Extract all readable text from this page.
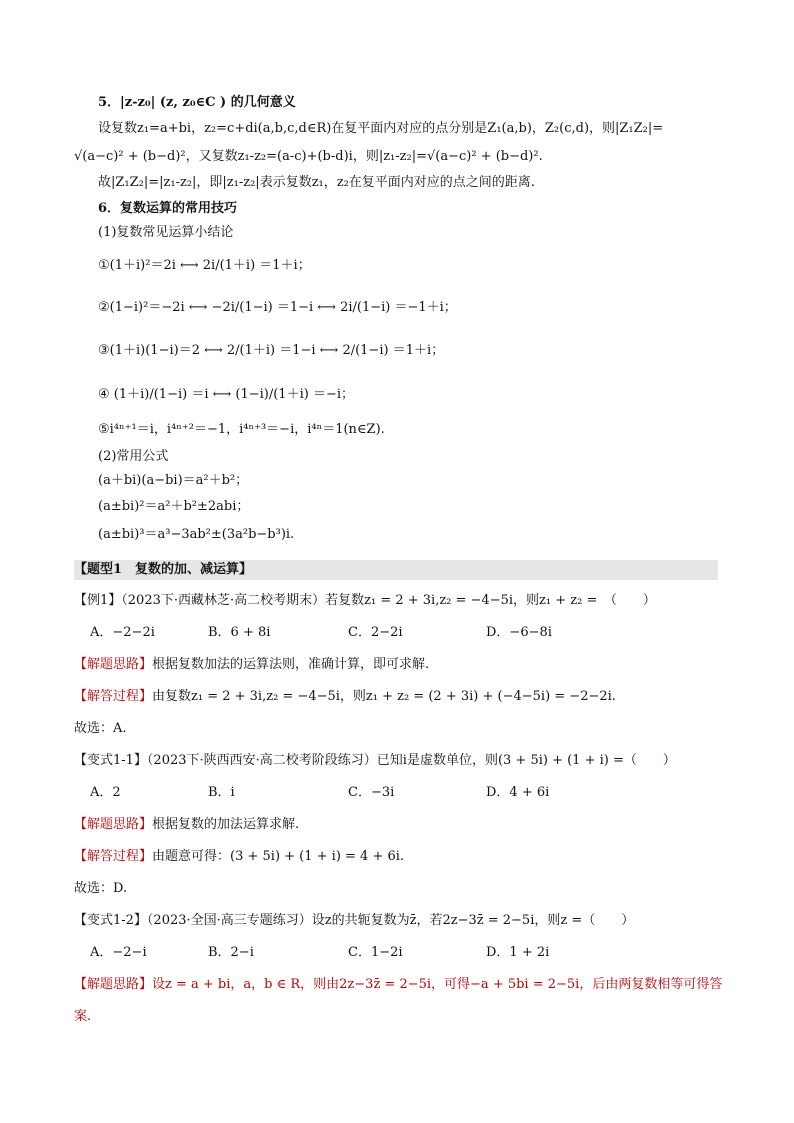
5．|z-z₀| (z, z₀∈C ) 的几何意义
设复数z₁=a+bi，z₂=c+di(a,b,c,d∈R)在复平面内对应的点分别是Z₁(a,b)，Z₂(c,d)，则|Z₁Z₂|=
√(a−c)² + (b−d)²，又复数z₁-z₂=(a-c)+(b-d)i，则|z₁-z₂|=√(a−c)² + (b−d)².
故|Z₁Z₂|=|z₁-z₂|，即|z₁-z₂|表示复数z₁，z₂在复平面内对应的点之间的距离.
6．复数运算的常用技巧
(1)复数常见运算小结论
①(1＋i)²＝2i ⟷ 2i/(1＋i) ＝1＋i；
②(1−i)²＝−2i ⟷ −2i/(1−i) ＝1−i ⟷ 2i/(1−i) ＝−1＋i；
③(1＋i)(1−i)＝2 ⟷ 2/(1＋i) ＝1−i ⟷ 2/(1−i) ＝1＋i；
④ (1＋i)/(1−i) ＝i ⟷ (1−i)/(1＋i) ＝−i；
⑤i⁴ⁿ⁺¹＝i，i⁴ⁿ⁺²＝−1，i⁴ⁿ⁺³＝−i，i⁴ⁿ＝1(n∈Z).
(2)常用公式
(a＋bi)(a−bi)＝a²＋b²；
(a±bi)²＝a²＋b²±2abi；
(a±bi)³＝a³−3ab²±(3a²b−b³)i.
【题型1　复数的加、减运算】
【例1】（2023下·西藏林芝·高二校考期末）若复数z₁ = 2 + 3i,z₂ = −4−5i，则z₁ + z₂ =　（　　）
A．−2−2i	B．6 + 8i	C．2−2i	D．−6−8i
【解题思路】根据复数加法的运算法则，准确计算，即可求解.
【解答过程】由复数z₁ = 2 + 3i,z₂ = −4−5i，则z₁ + z₂ = (2 + 3i) + (−4−5i) = −2−2i.
故选：A.
【变式1-1】（2023下·陕西西安·高二校考阶段练习）已知i是虚数单位，则(3 + 5i) + (1 + i) =（　　）
A．2	B．i	C．−3i	D．4 + 6i
【解题思路】根据复数的加法运算求解.
【解答过程】由题意可得：(3 + 5i) + (1 + i) = 4 + 6i.
故选：D.
【变式1-2】（2023·全国·高三专题练习）设z的共轭复数为z̄，若2z−3z̄ = 2−5i，则z =（　　）
A．−2−i	B．2−i	C．1−2i	D．1 + 2i
【解题思路】设z = a + bi，a，b ∈ R，则由2z−3z̄ = 2−5i，可得−a + 5bi = 2−5i，后由两复数相等可得答
案.
